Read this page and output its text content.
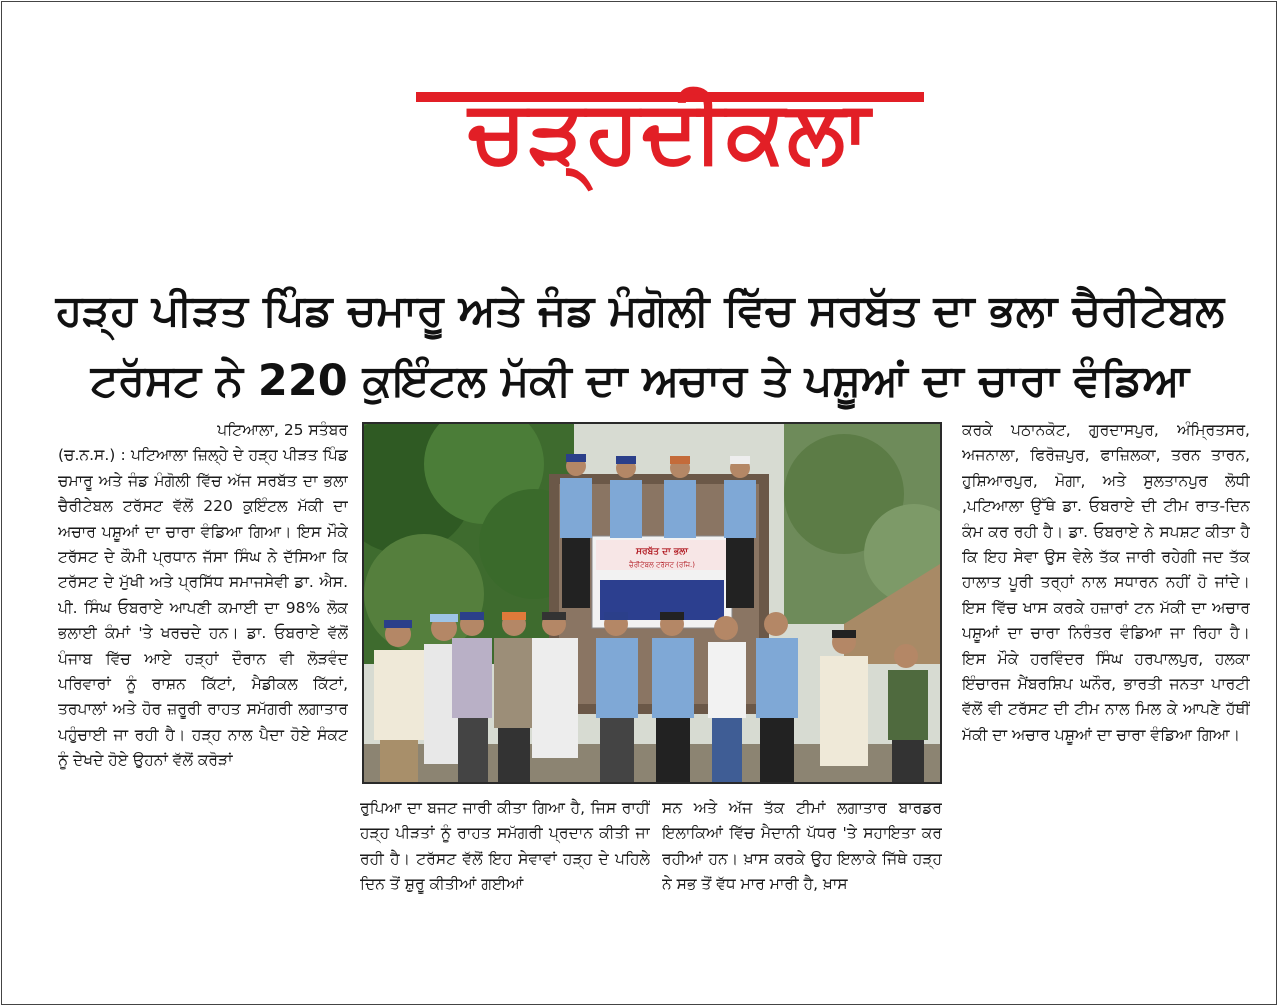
ਚੜ੍ਹਦੀਕਲਾ
ਹੜ੍ਹ ਪੀੜਤ ਪਿੰਡ ਚਮਾਰੂ ਅਤੇ ਜੰਡ ਮੰਗੋਲੀ ਵਿੱਚ ਸਰਬੱਤ ਦਾ ਭਲਾ ਚੈਰੀਟੇਬਲ
ਟਰੱਸਟ ਨੇ 220 ਕੁਇੰਟਲ ਮੱਕੀ ਦਾ ਅਚਾਰ ਤੇ ਪਸ਼ੂਆਂ ਦਾ ਚਾਰਾ ਵੰਡਿਆ

ਪਟਿਆਲਾ, 25 ਸਤੰਬਰ

(ਚ.ਨ.ਸ.) : ਪਟਿਆਲਾ ਜ਼ਿਲ੍ਹੇ ਦੇ ਹੜ੍ਹ ਪੀੜਤ ਪਿੰਡ ਚਮਾਰੂ ਅਤੇ ਜੰਡ ਮੰਗੋਲੀ ਵਿੱਚ ਅੱਜ ਸਰਬੱਤ ਦਾ ਭਲਾ ਚੈਰੀਟੇਬਲ ਟਰੱਸਟ ਵੱਲੋਂ 220 ਕੁਇੰਟਲ ਮੱਕੀ ਦਾ ਅਚਾਰ ਪਸ਼ੂਆਂ ਦਾ ਚਾਰਾ ਵੰਡਿਆ ਗਿਆ। ਇਸ ਮੌਕੇ ਟਰੱਸਟ ਦੇ ਕੌਮੀ ਪ੍ਰਧਾਨ ਜੱਸਾ ਸਿੰਘ ਨੇ ਦੱਸਿਆ ਕਿ ਟਰੱਸਟ ਦੇ ਮੁੱਖੀ ਅਤੇ ਪ੍ਰਸਿੱਧ ਸਮਾਜਸੇਵੀ ਡਾ. ਐਸ. ਪੀ. ਸਿੰਘ ਓਬਰਾਏ ਆਪਣੀ ਕਮਾਈ ਦਾ 98% ਲੋਕ ਭਲਾਈ ਕੰਮਾਂ 'ਤੇ ਖਰਚਦੇ ਹਨ। ਡਾ. ਓਬਰਾਏ ਵੱਲੋਂ ਪੰਜਾਬ ਵਿੱਚ ਆਏ ਹੜ੍ਹਾਂ ਦੌਰਾਨ ਵੀ ਲੋੜਵੰਦ ਪਰਿਵਾਰਾਂ ਨੂੰ ਰਾਸ਼ਨ ਕਿੱਟਾਂ, ਮੈਡੀਕਲ ਕਿੱਟਾਂ, ਤਰਪਾਲਾਂ ਅਤੇ ਹੋਰ ਜ਼ਰੂਰੀ ਰਾਹਤ ਸਮੱਗਰੀ ਲਗਾਤਾਰ ਪਹੁੰਚਾਈ ਜਾ ਰਹੀ ਹੈ। ਹੜ੍ਹ ਨਾਲ ਪੈਦਾ ਹੋਏ ਸੰਕਟ ਨੂੰ ਦੇਖਦੇ ਹੋਏ ਉਹਨਾਂ ਵੱਲੋਂ ਕਰੋੜਾਂ

ਸਰਬੱਤ ਦਾ ਭਲਾ
ਚੈਰੀਟੇਬਲ ਟਰੱਸਟ (ਰਜਿ.)

ਰੁਪਿਆ ਦਾ ਬਜਟ ਜਾਰੀ ਕੀਤਾ ਗਿਆ ਹੈ, ਜਿਸ ਰਾਹੀਂ ਹੜ੍ਹ ਪੀੜਤਾਂ ਨੂੰ ਰਾਹਤ ਸਮੱਗਰੀ ਪ੍ਰਦਾਨ ਕੀਤੀ ਜਾ ਰਹੀ ਹੈ। ਟਰੱਸਟ ਵੱਲੋਂ ਇਹ ਸੇਵਾਵਾਂ ਹੜ੍ਹ ਦੇ ਪਹਿਲੇ ਦਿਨ ਤੋਂ ਸ਼ੁਰੂ ਕੀਤੀਆਂ ਗਈਆਂ

ਸਨ ਅਤੇ ਅੱਜ ਤੱਕ ਟੀਮਾਂ ਲਗਾਤਾਰ ਬਾਰਡਰ ਇਲਾਕਿਆਂ ਵਿੱਚ ਮੈਦਾਨੀ ਪੱਧਰ 'ਤੇ ਸਹਾਇਤਾ ਕਰ ਰਹੀਆਂ ਹਨ। ਖ਼ਾਸ ਕਰਕੇ ਉਹ ਇਲਾਕੇ ਜਿੱਥੇ ਹੜ੍ਹ ਨੇ ਸਭ ਤੋਂ ਵੱਧ ਮਾਰ ਮਾਰੀ ਹੈ, ਖ਼ਾਸ

ਕਰਕੇ ਪਠਾਨਕੋਟ, ਗੁਰਦਾਸਪੁਰ, ਅੰਮ੍ਰਿਤਸਰ, ਅਜਨਾਲਾ, ਫਿਰੋਜ਼ਪੁਰ, ਫਾਜ਼ਿਲਕਾ, ਤਰਨ ਤਾਰਨ, ਹੁਸ਼ਿਆਰਪੁਰ, ਮੋਗਾ, ਅਤੇ ਸੁਲਤਾਨਪੁਰ ਲੋਧੀ ,ਪਟਿਆਲਾ ਉੱਥੇ ਡਾ. ਓਬਰਾਏ ਦੀ ਟੀਮ ਰਾਤ-ਦਿਨ ਕੰਮ ਕਰ ਰਹੀ ਹੈ। ਡਾ. ਓਬਰਾਏ ਨੇ ਸਪਸ਼ਟ ਕੀਤਾ ਹੈ ਕਿ ਇਹ ਸੇਵਾ ਉਸ ਵੇਲੇ ਤੱਕ ਜਾਰੀ ਰਹੇਗੀ ਜਦ ਤੱਕ ਹਾਲਾਤ ਪੂਰੀ ਤਰ੍ਹਾਂ ਨਾਲ ਸਧਾਰਨ ਨਹੀਂ ਹੋ ਜਾਂਦੇ। ਇਸ ਵਿੱਚ ਖਾਸ ਕਰਕੇ ਹਜ਼ਾਰਾਂ ਟਨ ਮੱਕੀ ਦਾ ਅਚਾਰ ਪਸ਼ੂਆਂ ਦਾ ਚਾਰਾ ਨਿਰੰਤਰ ਵੰਡਿਆ ਜਾ ਰਿਹਾ ਹੈ। ਇਸ ਮੌਕੇ ਹਰਵਿੰਦਰ ਸਿੰਘ ਹਰਪਾਲਪੁਰ, ਹਲਕਾ ਇੰਚਾਰਜ ਮੈਂਬਰਸ਼ਿਪ ਘਨੌਰ, ਭਾਰਤੀ ਜਨਤਾ ਪਾਰਟੀ ਵੱਲੋਂ ਵੀ ਟਰੱਸਟ ਦੀ ਟੀਮ ਨਾਲ ਮਿਲ ਕੇ ਆਪਣੇ ਹੱਥੀਂ ਮੱਕੀ ਦਾ ਅਚਾਰ ਪਸ਼ੂਆਂ ਦਾ ਚਾਰਾ ਵੰਡਿਆ ਗਿਆ।
